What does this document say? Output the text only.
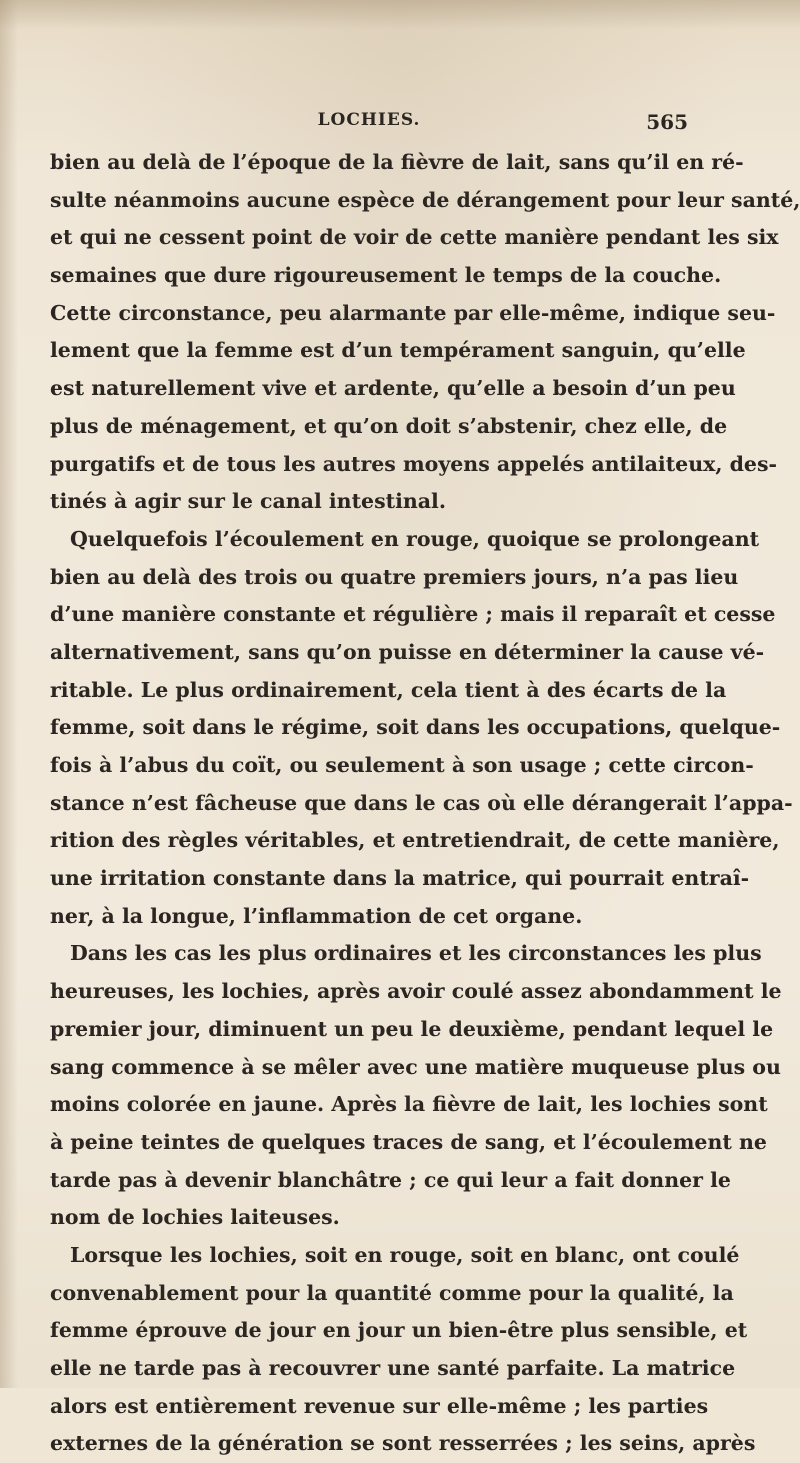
LOCHIES.	565
bien au delà de l’époque de la fièvre de lait, sans qu’il en ré-
sulte néanmoins aucune espèce de dérangement pour leur santé,
et qui ne cessent point de voir de cette manière pendant les six
semaines que dure rigoureusement le temps de la couche.
Cette circonstance, peu alarmante par elle-même, indique seu-
lement que la femme est d’un tempérament sanguin, qu’elle
est naturellement vive et ardente, qu’elle a besoin d’un peu
plus de ménagement, et qu’on doit s’abstenir, chez elle, de
purgatifs et de tous les autres moyens appelés antilaiteux, des-
tinés à agir sur le canal intestinal.
Quelquefois l’écoulement en rouge, quoique se prolongeant
bien au delà des trois ou quatre premiers jours, n’a pas lieu
d’une manière constante et régulière ; mais il reparaît et cesse
alternativement, sans qu’on puisse en déterminer la cause vé-
ritable. Le plus ordinairement, cela tient à des écarts de la
femme, soit dans le régime, soit dans les occupations, quelque-
fois à l’abus du coït, ou seulement à son usage ; cette circon-
stance n’est fâcheuse que dans le cas où elle dérangerait l’appa-
rition des règles véritables, et entretiendrait, de cette manière,
une irritation constante dans la matrice, qui pourrait entraî-
ner, à la longue, l’inflammation de cet organe.
Dans les cas les plus ordinaires et les circonstances les plus
heureuses, les lochies, après avoir coulé assez abondamment le
premier jour, diminuent un peu le deuxième, pendant lequel le
sang commence à se mêler avec une matière muqueuse plus ou
moins colorée en jaune. Après la fièvre de lait, les lochies sont
à peine teintes de quelques traces de sang, et l’écoulement ne
tarde pas à devenir blanchâtre ; ce qui leur a fait donner le
nom de lochies laiteuses.
Lorsque les lochies, soit en rouge, soit en blanc, ont coulé
convenablement pour la quantité comme pour la qualité, la
femme éprouve de jour en jour un bien-être plus sensible, et
elle ne tarde pas à recouvrer une santé parfaite. La matrice
alors est entièrement revenue sur elle-même ; les parties
externes de la génération se sont resserrées ; les seins, après
